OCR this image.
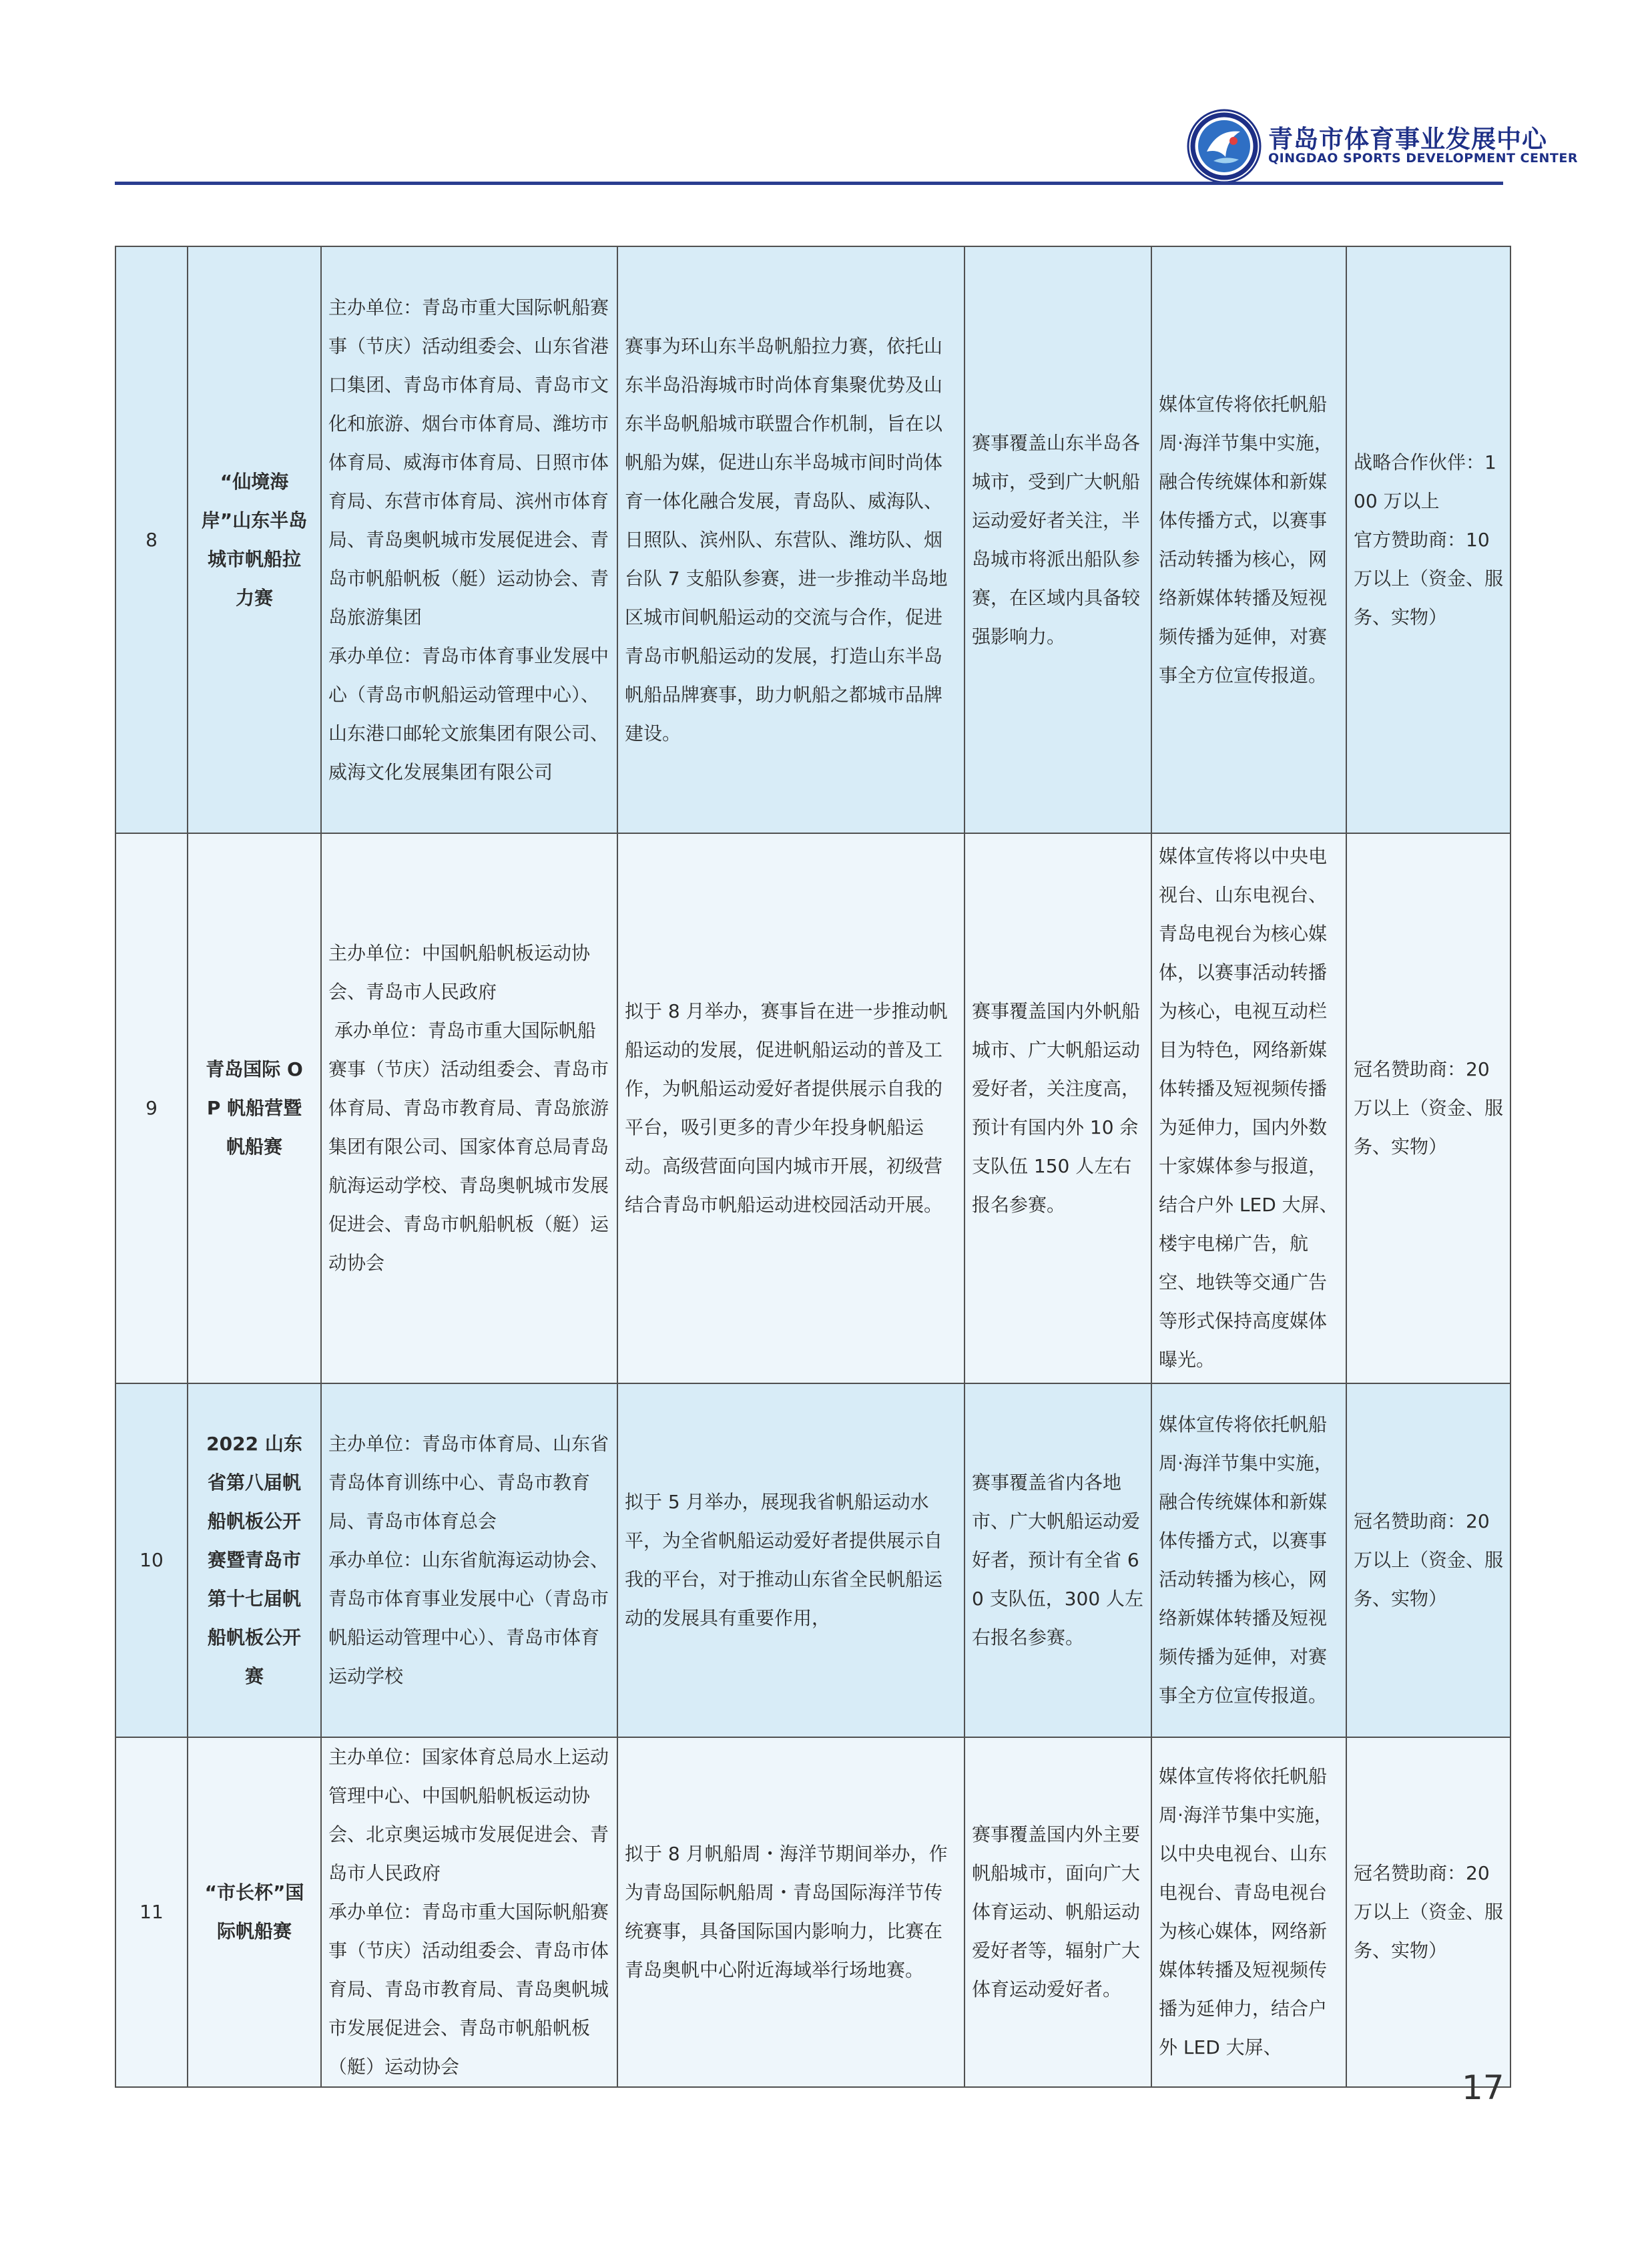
青岛市体育事业发展中心
QINGDAO SPORTS DEVELOPMENT CENTER
8	“仙境海岸”山东半岛城市帆船拉力赛	主办单位：青岛市重大国际帆船赛事（节庆）活动组委会、山东省港口集团、青岛市体育局、青岛市文化和旅游、烟台市体育局、潍坊市体育局、威海市体育局、日照市体育局、东营市体育局、滨州市体育局、青岛奥帆城市发展促进会、青岛市帆船帆板（艇）运动协会、青岛旅游集团
承办单位：青岛市体育事业发展中心（青岛市帆船运动管理中心）、山东港口邮轮文旅集团有限公司、威海文化发展集团有限公司	赛事为环山东半岛帆船拉力赛，依托山东半岛沿海城市时尚体育集聚优势及山东半岛帆船城市联盟合作机制，旨在以帆船为媒，促进山东半岛城市间时尚体育一体化融合发展，青岛队、威海队、日照队、滨州队、东营队、潍坊队、烟台队 7 支船队参赛，进一步推动半岛地区城市间帆船运动的交流与合作，促进青岛市帆船运动的发展，打造山东半岛帆船品牌赛事，助力帆船之都城市品牌建设。	赛事覆盖山东半岛各城市，受到广大帆船运动爱好者关注，半岛城市将派出船队参赛，在区域内具备较强影响力。	媒体宣传将依托帆船周·海洋节集中实施，融合传统媒体和新媒体传播方式，以赛事活动转播为核心，网络新媒体转播及短视频传播为延伸，对赛事全方位宣传报道。	战略合作伙伴：100 万以上
官方赞助商：10 万以上（资金、服务、实物）
9	青岛国际 OP 帆船营暨帆船赛	主办单位：中国帆船帆板运动协会、青岛市人民政府
承办单位：青岛市重大国际帆船赛事（节庆）活动组委会、青岛市体育局、青岛市教育局、青岛旅游集团有限公司、国家体育总局青岛航海运动学校、青岛奥帆城市发展促进会、青岛市帆船帆板（艇）运动协会	拟于 8 月举办，赛事旨在进一步推动帆船运动的发展，促进帆船运动的普及工作，为帆船运动爱好者提供展示自我的平台，吸引更多的青少年投身帆船运动。高级营面向国内城市开展，初级营结合青岛市帆船运动进校园活动开展。	赛事覆盖国内外帆船城市、广大帆船运动爱好者，关注度高，预计有国内外 10 余支队伍 150 人左右报名参赛。	媒体宣传将以中央电视台、山东电视台、青岛电视台为核心媒体，以赛事活动转播为核心，电视互动栏目为特色，网络新媒体转播及短视频传播为延伸力，国内外数十家媒体参与报道，结合户外 LED 大屏、楼宇电梯广告，航空、地铁等交通广告等形式保持高度媒体曝光。	冠名赞助商：20 万以上（资金、服务、实物）
10	2022 山东省第八届帆船帆板公开赛暨青岛市第十七届帆船帆板公开赛	主办单位：青岛市体育局、山东省青岛体育训练中心、青岛市教育局、青岛市体育总会
承办单位：山东省航海运动协会、青岛市体育事业发展中心（青岛市帆船运动管理中心）、青岛市体育运动学校	拟于 5 月举办，展现我省帆船运动水平，为全省帆船运动爱好者提供展示自我的平台，对于推动山东省全民帆船运动的发展具有重要作用，	赛事覆盖省内各地市、广大帆船运动爱好者，预计有全省 60 支队伍，300 人左右报名参赛。	媒体宣传将依托帆船周·海洋节集中实施，融合传统媒体和新媒体传播方式，以赛事活动转播为核心，网络新媒体转播及短视频传播为延伸，对赛事全方位宣传报道。	冠名赞助商：20 万以上（资金、服务、实物）
11	“市长杯”国际帆船赛	主办单位：国家体育总局水上运动管理中心、中国帆船帆板运动协会、北京奥运城市发展促进会、青岛市人民政府
承办单位：青岛市重大国际帆船赛事（节庆）活动组委会、青岛市体育局、青岛市教育局、青岛奥帆城市发展促进会、青岛市帆船帆板（艇）运动协会	拟于 8 月帆船周・海洋节期间举办，作为青岛国际帆船周・青岛国际海洋节传统赛事，具备国际国内影响力，比赛在青岛奥帆中心附近海域举行场地赛。	赛事覆盖国内外主要帆船城市，面向广大体育运动、帆船运动爱好者等，辐射广大体育运动爱好者。	媒体宣传将依托帆船周·海洋节集中实施，以中央电视台、山东电视台、青岛电视台为核心媒体，网络新媒体转播及短视频传播为延伸力，结合户外 LED 大屏、	冠名赞助商：20 万以上（资金、服务、实物）
17
